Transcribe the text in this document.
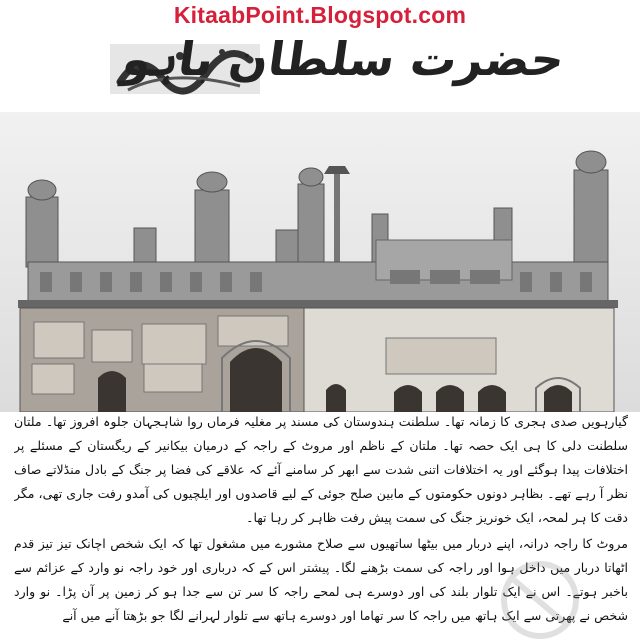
KitaabPoint.Blogspot.com
حضرت سلطان باہو

گیارہویں صدی ہجری کا زمانہ تھا۔ سلطنت ہندوستان کی مسند پر مغلیہ فرماں روا شاہجہان جلوہ افروز تھا۔ ملتان سلطنت دلی کا ہی ایک حصہ تھا۔ ملتان کے ناظم اور مروٹ کے راجہ کے درمیان بیکانیر کے ریگستان کے مسئلے پر اختلافات پیدا ہوگئے اور یہ اختلافات اتنی شدت سے ابھر کر سامنے آئے کہ علاقے کی فضا پر جنگ کے بادل منڈلاتے صاف نظر آ رہے تھے۔ بظاہر دونوں حکومتوں کے مابین صلح جوئی کے لیے قاصدوں اور ایلچیوں کی آمدو رفت جاری تھی، مگر دقت کا ہر لمحہ، ایک خونریز جنگ کی سمت پیش رفت ظاہر کر رہا تھا۔

مروٹ کا راجہ درانہ، اپنے دربار میں بیٹھا ساتھیوں سے صلاح مشورے میں مشغول تھا کہ ایک شخص اچانک تیز تیز قدم اٹھاتا دربار میں داخل ہوا اور راجہ کی سمت بڑھنے لگا۔ پیشتر اس کے کہ درباری اور خود راجہ نو وارد کے عزائم سے باخبر ہوتے۔ اس نے ایک تلوار بلند کی اور دوسرے ہی لمحے راجہ کا سر تن سے جدا ہو کر زمین پر آن پڑا۔ نو وارد شخص نے پھرتی سے ایک ہاتھ میں راجہ کا سر تھاما اور دوسرے ہاتھ سے تلوار لہرانے لگا جو بڑھتا آنے میں آنے
